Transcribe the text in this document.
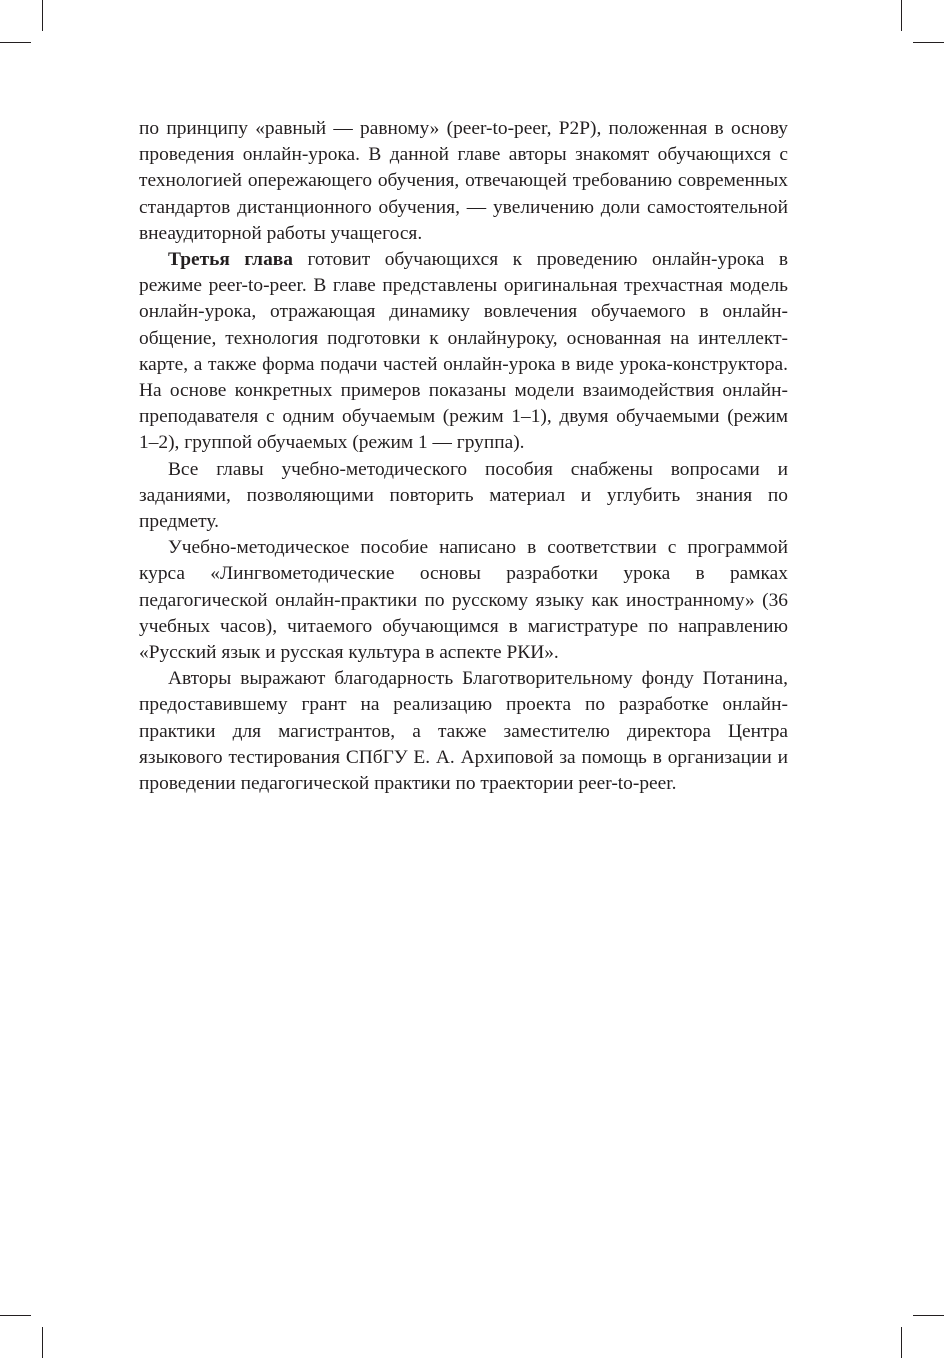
по принципу «равный — равному» (peer-to-peer, P2P), положенная в основу проведения онлайн-урока. В данной главе авторы знакомят обучающихся с технологией опережающего обучения, отвечающей требованию современных стандартов дистанционного обучения, — увеличению доли самостоятельной внеаудиторной работы учащегося.

Третья глава готовит обучающихся к проведению онлайн-урока в режиме peer-to-peer. В главе представлены оригинальная трехчастная модель онлайн-урока, отражающая динамику вовлечения обучаемого в онлайн-общение, технология подготовки к онлайнуроку, основанная на интеллект-карте, а также форма подачи частей онлайн-урока в виде урока-конструктора. На основе конкретных примеров показаны модели взаимодействия онлайн-преподавателя с одним обучаемым (режим 1–1), двумя обучаемыми (режим 1–2), группой обучаемых (режим 1 — группа).

Все главы учебно-методического пособия снабжены вопросами и заданиями, позволяющими повторить материал и углубить знания по предмету.

Учебно-методическое пособие написано в соответствии с программой курса «Лингвометодические основы разработки урока в рамках педагогической онлайн-практики по русскому языку как иностранному» (36 учебных часов), читаемого обучающимся в магистратуре по направлению «Русский язык и русская культура в аспекте РКИ».

Авторы выражают благодарность Благотворительному фонду Потанина, предоставившему грант на реализацию проекта по разработке онлайн-практики для магистрантов, а также заместителю директора Центра языкового тестирования СПбГУ Е. А. Архиповой за помощь в организации и проведении педагогической практики по траектории peer-to-peer.
